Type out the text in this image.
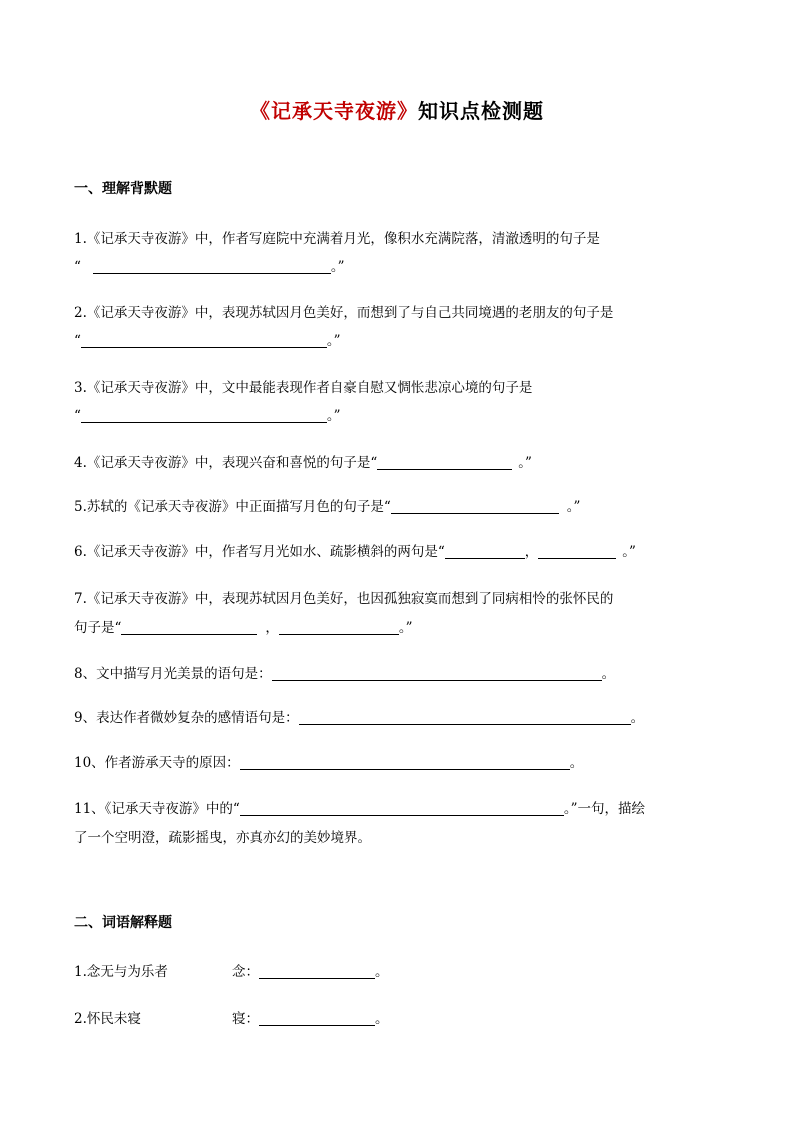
《记承天寺夜游》知识点检测题
一、理解背默题
1.《记承天寺夜游》中，作者写庭院中充满着月光，像积水充满院落，清澈透明的句子是
“	。”
2.《记承天寺夜游》中，表现苏轼因月色美好，而想到了与自己共同境遇的老朋友的句子是
“	。”
3.《记承天寺夜游》中，文中最能表现作者自豪自慰又惆怅悲凉心境的句子是
“	。”
4.《记承天寺夜游》中，表现兴奋和喜悦的句子是“	。”
5.苏轼的《记承天寺夜游》中正面描写月色的句子是“	。”
6.《记承天寺夜游》中，作者写月光如水、疏影横斜的两句是“	，	。”
7.《记承天寺夜游》中，表现苏轼因月色美好，也因孤独寂寞而想到了同病相怜的张怀民的
句子是“	，	。”
8、文中描写月光美景的语句是：	。
9、表达作者微妙复杂的感情语句是：	。
10、作者游承天寺的原因：	。
11、《记承天寺夜游》中的“	。”一句，描绘
了一个空明澄，疏影摇曳，亦真亦幻的美妙境界。
二、词语解释题
1.念无与为乐者	念：	。
2.怀民未寝	寝：	。
